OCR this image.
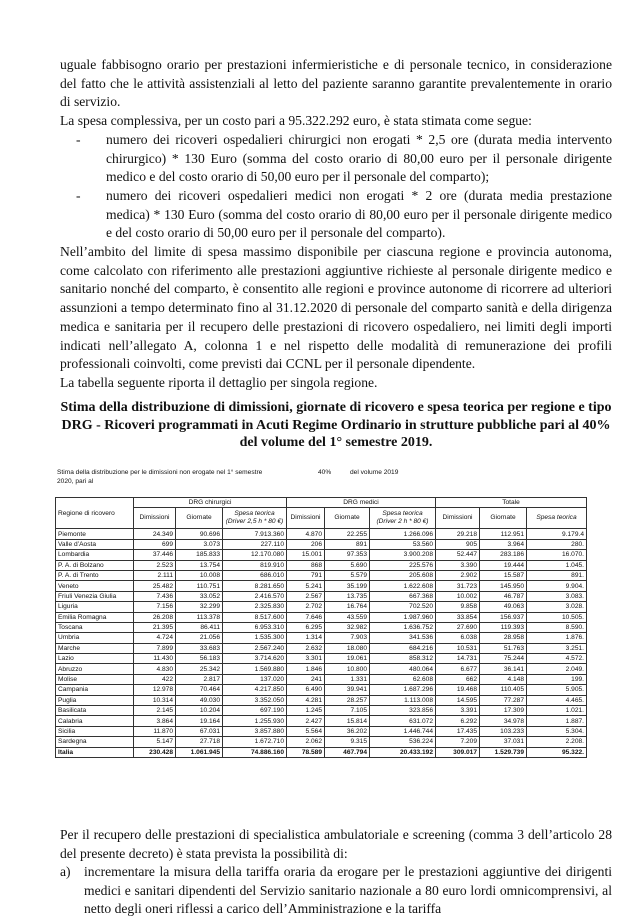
uguale fabbisogno orario per prestazioni infermieristiche e di personale tecnico, in considerazione del fatto che le attività assistenziali al letto del paziente saranno garantite prevalentemente in orario di servizio.

La spesa complessiva, per un costo pari a 95.322.292 euro, è stata stimata come segue:

- numero dei ricoveri ospedalieri chirurgici non erogati * 2,5 ore (durata media intervento chirurgico) * 130 Euro (somma del costo orario di 80,00 euro per il personale dirigente medico e del costo orario di 50,00 euro per il personale del comparto);
- numero dei ricoveri ospedalieri medici non erogati * 2 ore (durata media prestazione medica) * 130 Euro (somma del costo orario di 80,00 euro per il personale dirigente medico e del costo orario di 50,00 euro per il personale del comparto).

Nell’ambito del limite di spesa massimo disponibile per ciascuna regione e provincia autonoma, come calcolato con riferimento alle prestazioni aggiuntive richieste al personale dirigente medico e sanitario nonché del comparto, è consentito alle regioni e province autonome di ricorrere ad ulteriori assunzioni a tempo determinato fino al 31.12.2020 di personale del comparto sanità e della dirigenza medica e sanitaria per il recupero delle prestazioni di ricovero ospedaliero, nei limiti degli importi indicati nell’allegato A, colonna 1 e nel rispetto delle modalità di remunerazione dei profili professionali coinvolti, come previsti dai CCNL per il personale dipendente.

La tabella seguente riporta il dettaglio per singola regione.

Stima della distribuzione di dimissioni, giornate di ricovero e spesa teorica per regione e tipo DRG - Ricoveri programmati in Acuti Regime Ordinario in strutture pubbliche pari al 40% del volume del 1° semestre 2019.
Stima della distribuzione per le dimissioni non erogate nel 1° semestre
2020, pari al
40%	del volume 2019
Regione di ricovero	DRG chirurgici			DRG medici			Totale		
	Dimissioni	Giornate	Spesa teorica (Driver 2,5 h * 80 €)	Dimissioni	Giornate	Spesa teorica (Driver 2 h * 80 €)	Dimissioni	Giornate	Spesa teorica
Piemonte	24.349	90.696	7.913.360	4.870	22.255	1.266.096	29.218	112.951	9.179.4
Valle d’Aosta	699	3.073	227.110	206	891	53.560	905	3.964	280.
Lombardia	37.446	185.833	12.170.080	15.001	97.353	3.900.208	52.447	283.186	16.070.
P. A. di Bolzano	2.523	13.754	819.910	868	5.690	225.576	3.390	19.444	1.045.
P. A. di Trento	2.111	10.008	686.010	791	5.579	205.608	2.902	15.587	891.
Veneto	25.482	110.751	8.281.650	5.241	35.199	1.622.608	31.723	145.950	9.904.
Friuli Venezia Giulia	7.436	33.052	2.416.570	2.567	13.735	667.368	10.002	46.787	3.083.
Liguria	7.156	32.299	2.325.830	2.702	16.764	702.520	9.858	49.063	3.028.
Emilia Romagna	26.208	113.378	8.517.600	7.646	43.559	1.987.960	33.854	156.937	10.505.
Toscana	21.395	86.411	6.953.310	6.295	32.982	1.636.752	27.690	119.393	8.590.
Umbria	4.724	21.056	1.535.300	1.314	7.903	341.536	6.038	28.958	1.876.
Marche	7.899	33.683	2.567.240	2.632	18.080	684.216	10.531	51.763	3.251.
Lazio	11.430	56.183	3.714.620	3.301	19.061	858.312	14.731	75.244	4.572.
Abruzzo	4.830	25.342	1.569.880	1.846	10.800	480.064	6.677	36.141	2.049.
Molise	422	2.817	137.020	241	1.331	62.608	662	4.148	199.
Campania	12.978	70.464	4.217.850	6.490	39.941	1.687.296	19.468	110.405	5.905.
Puglia	10.314	49.030	3.352.050	4.281	28.257	1.113.008	14.595	77.287	4.465.
Basilicata	2.145	10.204	697.190	1.245	7.105	323.856	3.391	17.309	1.021.
Calabria	3.864	19.164	1.255.930	2.427	15.814	631.072	6.292	34.978	1.887.
Sicilia	11.870	67.031	3.857.880	5.564	36.202	1.446.744	17.435	103.233	5.304.
Sardegna	5.147	27.718	1.672.710	2.062	9.315	536.224	7.209	37.031	2.208.
Italia	230.428	1.061.945	74.886.160	78.589	467.794	20.433.192	309.017	1.529.739	95.322.

Per il recupero delle prestazioni di specialistica ambulatoriale e screening (comma 3 dell’articolo 28 del presente decreto) è stata prevista la possibilità di:

a) incrementare la misura della tariffa oraria da erogare per le prestazioni aggiuntive dei dirigenti medici e sanitari dipendenti del Servizio sanitario nazionale a 80 euro lordi omnicomprensivi, al netto degli oneri riflessi a carico dell’Amministrazione e la tariffa
